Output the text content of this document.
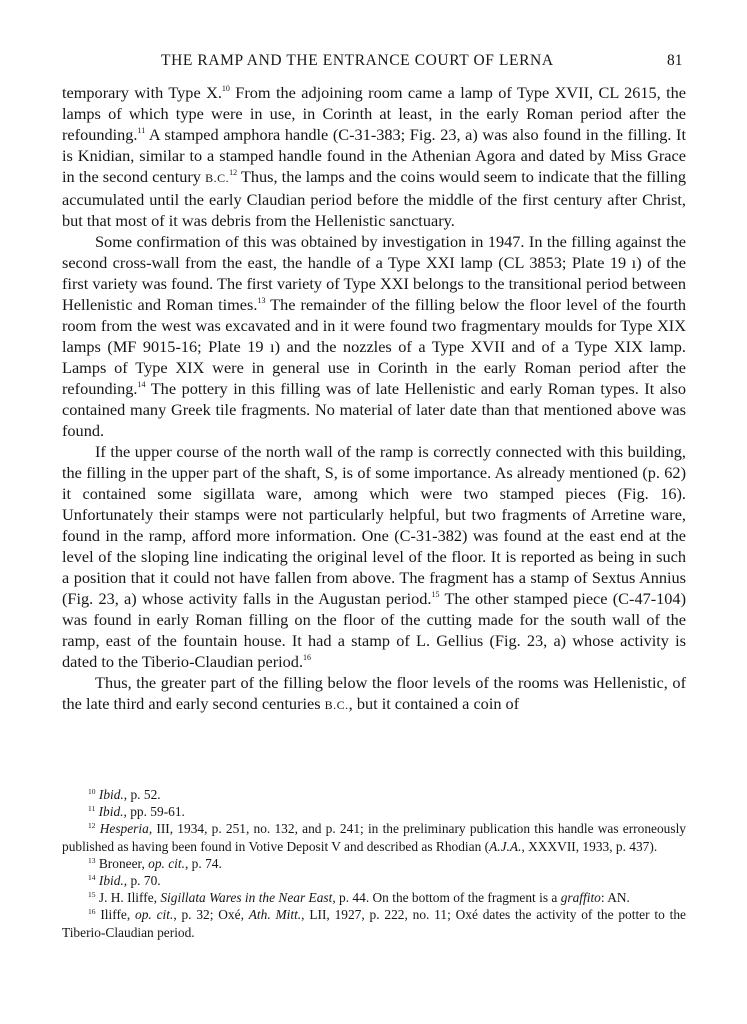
THE RAMP AND THE ENTRANCE COURT OF LERNA	81

temporary with Type X.$^{10}$ From the adjoining room came a lamp of Type XVII, CL 2615, the lamps of which type were in use, in Corinth at least, in the early Roman period after the refounding.$^{11}$ A stamped amphora handle (C-31-383; Fig. 23, a) was also found in the filling. It is Knidian, similar to a stamped handle found in the Athenian Agora and dated by Miss Grace in the second century B.C.$^{12}$ Thus, the lamps and the coins would seem to indicate that the filling accumulated until the early Claudian period before the middle of the first century after Christ, but that most of it was debris from the Hellenistic sanctuary.

Some confirmation of this was obtained by investigation in 1947. In the filling against the second cross-wall from the east, the handle of a Type XXI lamp (CL 3853; Plate 19 ı) of the first variety was found. The first variety of Type XXI belongs to the transitional period between Hellenistic and Roman times.$^{13}$ The remainder of the filling below the floor level of the fourth room from the west was excavated and in it were found two fragmentary moulds for Type XIX lamps (MF 9015-16; Plate 19 ı) and the nozzles of a Type XVII and of a Type XIX lamp. Lamps of Type XIX were in general use in Corinth in the early Roman period after the refounding.$^{14}$ The pottery in this filling was of late Hellenistic and early Roman types. It also contained many Greek tile fragments. No material of later date than that mentioned above was found.

If the upper course of the north wall of the ramp is correctly connected with this building, the filling in the upper part of the shaft, S, is of some importance. As already mentioned (p. 62) it contained some sigillata ware, among which were two stamped pieces (Fig. 16). Unfortunately their stamps were not particularly helpful, but two fragments of Arretine ware, found in the ramp, afford more information. One (C-31-382) was found at the east end at the level of the sloping line indicating the original level of the floor. It is reported as being in such a position that it could not have fallen from above. The fragment has a stamp of Sextus Annius (Fig. 23, a) whose activity falls in the Augustan period.$^{15}$ The other stamped piece (C-47-104) was found in early Roman filling on the floor of the cutting made for the south wall of the ramp, east of the fountain house. It had a stamp of L. Gellius (Fig. 23, a) whose activity is dated to the Tiberio-Claudian period.$^{16}$

Thus, the greater part of the filling below the floor levels of the rooms was Hellenistic, of the late third and early second centuries B.C., but it contained a coin of

$^{10}$ Ibid., p. 52.

$^{11}$ Ibid., pp. 59-61.

$^{12}$ Hesperia, III, 1934, p. 251, no. 132, and p. 241; in the preliminary publication this handle was erroneously published as having been found in Votive Deposit V and described as Rhodian (A.J.A., XXXVII, 1933, p. 437).

$^{13}$ Broneer, op. cit., p. 74.

$^{14}$ Ibid., p. 70.

$^{15}$ J. H. Iliffe, Sigillata Wares in the Near East, p. 44. On the bottom of the fragment is a graffito: AN.

$^{16}$ Iliffe, op. cit., p. 32; Oxé, Ath. Mitt., LII, 1927, p. 222, no. 11; Oxé dates the activity of the potter to the Tiberio-Claudian period.
